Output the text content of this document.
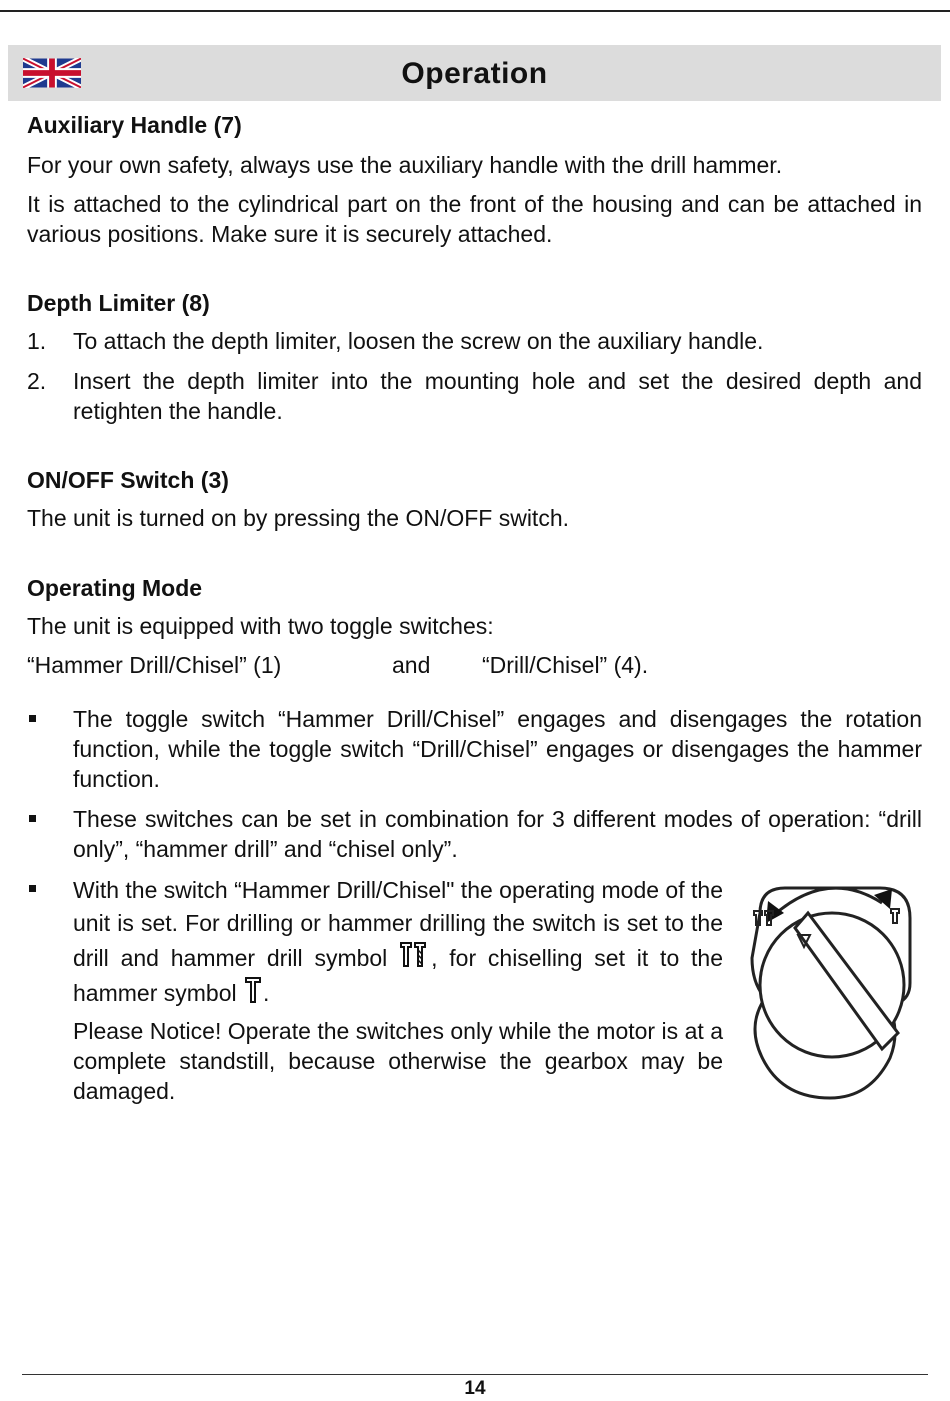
Operation
Auxiliary Handle (7)

For your own safety, always use the auxiliary handle with the drill hammer.

It is attached to the cylindrical part on the front of the housing and can be attached in various positions. Make sure it is securely attached.

Depth Limiter (8)
1. To attach the depth limiter, loosen the screw on the auxiliary handle.
2. Insert the depth limiter into the mounting hole and set the desired depth and retighten the handle.
ON/OFF Switch (3)

The unit is turned on by pressing the ON/OFF switch.

Operating Mode

The unit is equipped with two toggle switches:

“Hammer Drill/Chisel” (1)	and “Drill/Chisel” (4).
The toggle switch “Hammer Drill/Chisel” engages and disengages the rotation function, while the toggle switch “Drill/Chisel” engages or disengages the hammer function.
These switches can be set in combination for 3 different modes of operation: “drill only”, “hammer drill” and “chisel only”.
With the switch “Hammer Drill/Chisel" the operating mode of the unit is set. For drilling or hammer drilling the switch is set to the drill and hammer drill symbol , for chiselling set it to the hammer symbol .

Please Notice! Operate the switches only while the motor is at a complete standstill, because otherwise the gearbox may be damaged.

14
